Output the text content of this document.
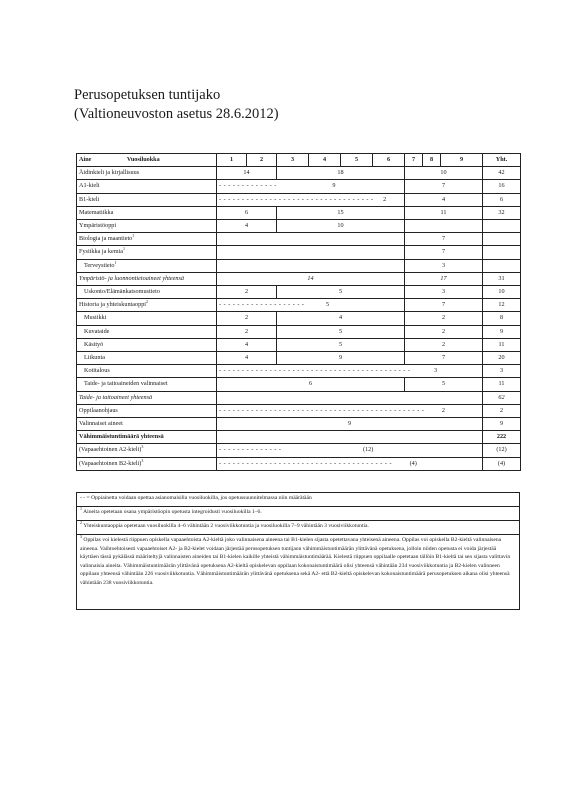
Perusopetuksen tuntijako
(Valtioneuvoston asetus 28.6.2012)
Aine Vuosiluokka	1	2	3	4	5	6	7	8	9	Yht.
Äidinkieli ja kirjallisuus	14		18				10			42
A1-kieli	- - - - - - - - - - - - - 9						7			16
B1-kieli	- - - - - - - - - - - - - - - - - - - - - - - - - - - - - - - - - - 2						4			6
Matematiikka	6		15				11			32
Ympäristöoppi	4		10							
Biologia ja maantieto$^1$							7			
Fysiikka ja kemia$^1$							7			
Terveystieto$^1$							3			
Ympäristö- ja luonnontietoaineet yhteensä	14						17			31
Uskonto/Elämänkatsomustieto	2		5				3			10
Historia ja yhteiskuntaoppi$^2$	- - - - - - - - - - - - - - - - - - - 5						7			12
Musiikki	2		4				2			8
Kuvataide	2		5				2			9
Käsityö	4		5				2			11
Liikunta	4		9				7			20
Kotitalous	- - - - - - - - - - - - - - - - - - - - - - - - - - - - - - - - - - - - - - - - - - 3									3
Taide- ja taitoaineiden valinnaiset	6						5			11
Taide- ja taitoaineet yhteensä										62
Oppilaanohjaus	- - - - - - - - - - - - - - - - - - - - - - - - - - - - - - - - - - - - - - - - - - - - - 2									2
Valinnaiset aineet	9									9
Vähimmäistuntimäärä yhteensä										222
(Vapaaehtoinen A2-kieli)$^3$	- - - - - - - - - - - - - - (12)									(12)
(Vapaaehtoinen B2-kieli)$^3$	- - - - - - - - - - - - - - - - - - - - - - - - - - - - - - - - - - - - - - (4)									(4)
- - = Oppiainetta voidaan opettaa asianomaisilla vuosiluokilla, jos opetussuunnitelmassa niin määrätään
$^1$ Aineita opetetaan osana ympäristöopin opetusta integroidusti vuosiluokilla 1–6.
$^2$ Yhteiskuntaoppia opetetaan vuosiluokilla 4–6 vähintään 2 vuosiviikkotuntia ja vuosiluokilla 7–9 vähintään 3 vuosiviikkotuntia.
$^3$ Oppilas voi kielestä riippuen opiskella vapaaehtoista A2-kieltä joko valinnaisena aineena tai B1-kielen sijasta opetettavana yhteisenä aineena. Oppilas voi opiskella B2-kieltä valinnaisena aineena. Vaihtoehtoisesti vapaaehtoiset A2- ja B2-kielet voidaan järjestää perusopetuksen tuntijaon vähimmäistuntimäärän ylittävänä opetuksena, jolloin niiden opetusta ei voida järjestää käyttäen tässä pykälässä määriteltyjä valinnaisten aineiden tai B1-kielen kaikille yhteistä vähimmäistuntimäärää. Kielestä riippuen oppilaalle opetetaan tällöin B1-kieltä tai sen sijasta valittavin valinnaisia aineita. Vähimmäistuntimäärän ylittävänä opetuksena A2-kieltä opiskelevan oppilaan kokonaistuntimäärä olisi yhteensä vähintään 234 vuosiviikkotuntia ja B2-kielen valinneen oppilaan yhteensä vähintään 226 vuosiviikkotuntia. Vähimmäistuntimäärän ylittävänä opetuksena sekä A2- että B2-kieltä opiskelevan kokonaistuntimäärä perusopetuksen aikana olisi yhteensä vähintään 238 vuosiviikkotuntia.
